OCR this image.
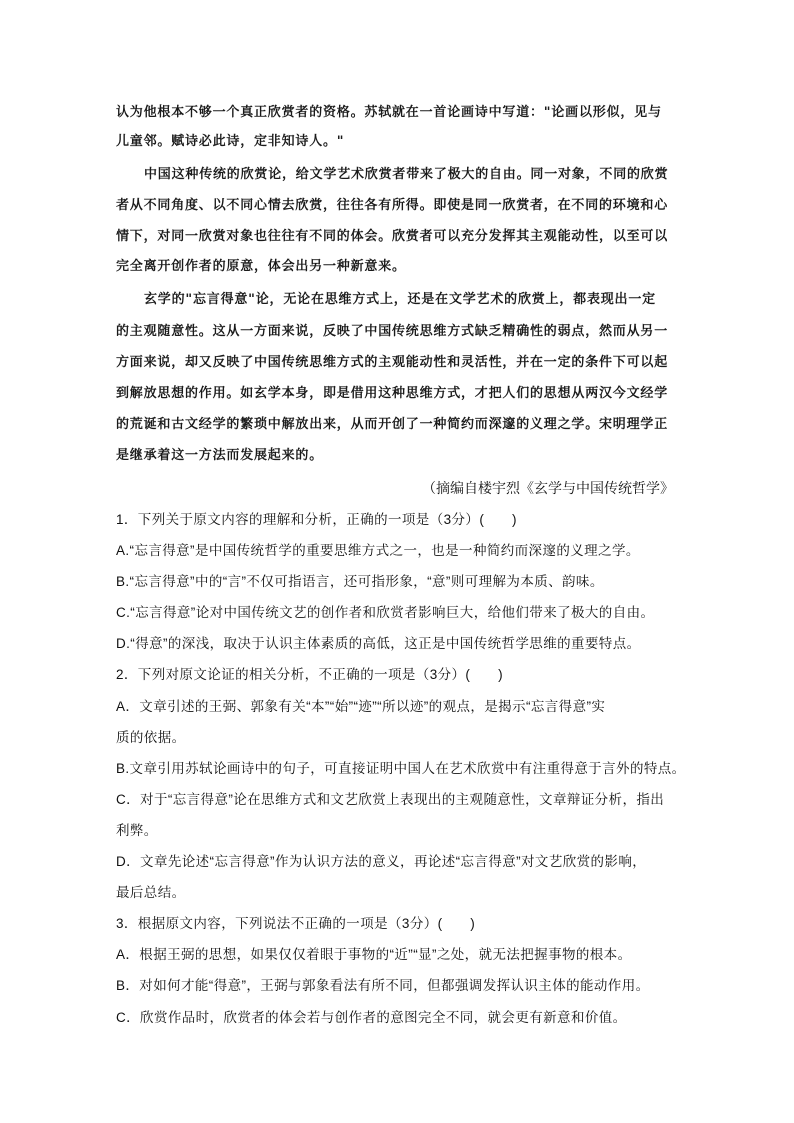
认为他根本不够一个真正欣赏者的资格。苏轼就在一首论画诗中写道："论画以形似，见与
儿童邻。赋诗必此诗，定非知诗人。"
中国这种传统的欣赏论，给文学艺术欣赏者带来了极大的自由。同一对象，不同的欣赏
者从不同角度、以不同心情去欣赏，往往各有所得。即使是同一欣赏者，在不同的环境和心
情下，对同一欣赏对象也往往有不同的体会。欣赏者可以充分发挥其主观能动性，以至可以
完全离开创作者的原意，体会出另一种新意来。
玄学的"忘言得意"论，无论在思维方式上，还是在文学艺术的欣赏上，都表现出一定
的主观随意性。这从一方面来说，反映了中国传统思维方式缺乏精确性的弱点，然而从另一
方面来说，却又反映了中国传统思维方式的主观能动性和灵活性，并在一定的条件下可以起
到解放思想的作用。如玄学本身，即是借用这种思维方式，才把人们的思想从两汉今文经学
的荒诞和古文经学的繁琐中解放出来，从而开创了一种简约而深邃的义理之学。宋明理学正
是继承着这一方法而发展起来的。
（摘编自楼宇烈《玄学与中国传统哲学》
1．下列关于原文内容的理解和分析，正确的一项是（3分）(　　)
A.“忘言得意”是中国传统哲学的重要思维方式之一，也是一种简约而深邃的义理之学。
B.“忘言得意”中的“言”不仅可指语言，还可指形象，“意”则可理解为本质、韵味。
C.“忘言得意”论对中国传统文艺的创作者和欣赏者影响巨大，给他们带来了极大的自由。
D.“得意”的深浅，取决于认识主体素质的高低，这正是中国传统哲学思维的重要特点。
2．下列对原文论证的相关分析，不正确的一项是（3分）(　　)
A．文章引述的王弼、郭象有关“本”“始”“迹”“所以迹”的观点，是揭示“忘言得意”实
质的依据。
B.文章引用苏轼论画诗中的句子，可直接证明中国人在艺术欣赏中有注重得意于言外的特点。
C．对于“忘言得意”论在思维方式和文艺欣赏上表现出的主观随意性，文章辩证分析，指出
利弊。
D．文章先论述“忘言得意”作为认识方法的意义，再论述“忘言得意”对文艺欣赏的影响，
最后总结。
3．根据原文内容，下列说法不正确的一项是（3分）(　　)
A．根据王弼的思想，如果仅仅着眼于事物的“近”“显”之处，就无法把握事物的根本。
B．对如何才能“得意”，王弼与郭象看法有所不同，但都强调发挥认识主体的能动作用。
C．欣赏作品时，欣赏者的体会若与创作者的意图完全不同，就会更有新意和价值。
